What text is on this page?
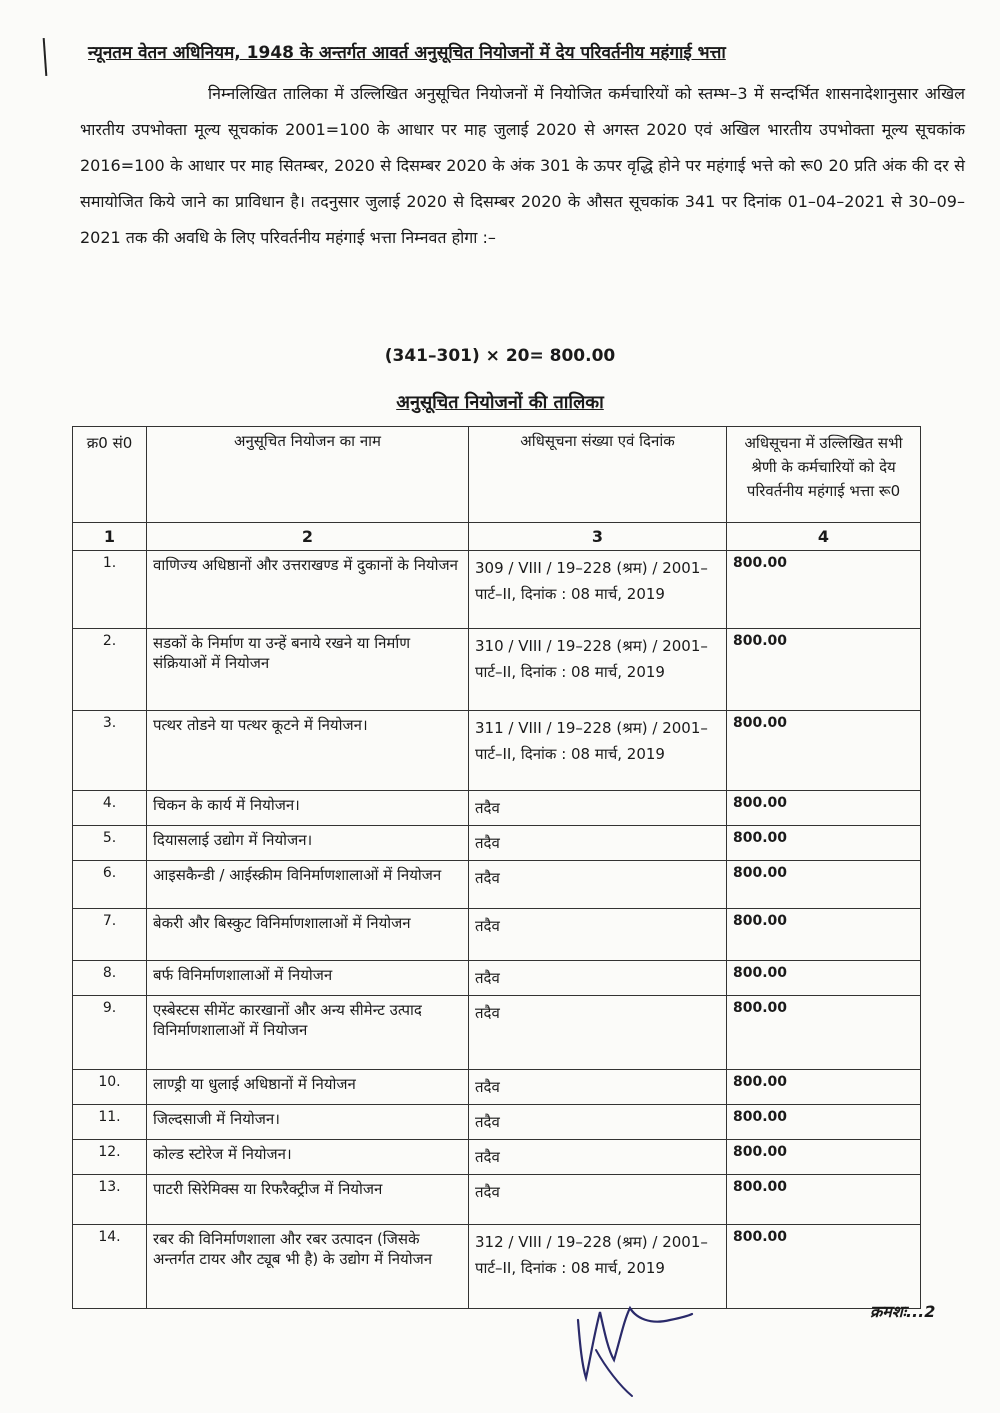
न्यूनतम वेतन अधिनियम, 1948 के अन्तर्गत आवर्त अनुसूचित नियोजनों में देय परिवर्तनीय महंगाई भत्ता

निम्नलिखित तालिका में उल्लिखित अनुसूचित नियोजनों में नियोजित कर्मचारियों को स्तम्भ–3 में सन्दर्भित शासनादेशानुसार अखिल भारतीय उपभोक्ता मूल्य सूचकांक 2001=100 के आधार पर माह जुलाई 2020 से अगस्त 2020 एवं अखिल भारतीय उपभोक्ता मूल्य सूचकांक 2016=100 के आधार पर माह सितम्बर, 2020 से दिसम्बर 2020 के अंक 301 के ऊपर वृद्धि होने पर महंगाई भत्ते को रू0 20 प्रति अंक की दर से समायोजित किये जाने का प्राविधान है। तदनुसार जुलाई 2020 से दिसम्बर 2020 के औसत सूचकांक 341 पर दिनांक 01–04–2021 से 30–09–2021 तक की अवधि के लिए परिवर्तनीय महंगाई भत्ता निम्नवत होगा :–

(341–301) × 20= 800.00
अनुसूचित नियोजनों की तालिका
क्र0 सं0	अनुसूचित नियोजन का नाम	अधिसूचना संख्या एवं दिनांक	अधिसूचना में उल्लिखित सभी श्रेणी के कर्मचारियों को देय परिवर्तनीय महंगाई भत्ता रू0
1	2	3	4
1.	वाणिज्य अधिष्ठानों और उत्तराखण्ड में दुकानों के नियोजन	309 / VIII / 19–228 (श्रम) / 2001– पार्ट–II, दिनांक : 08 मार्च, 2019	800.00
2.	सडकों के निर्माण या उन्हें बनाये रखने या निर्माण संक्रियाओं में नियोजन	310 / VIII / 19–228 (श्रम) / 2001–पार्ट–II, दिनांक : 08 मार्च, 2019	800.00
3.	पत्थर तोडने या पत्थर कूटने में नियोजन।	311 / VIII / 19–228 (श्रम) / 2001–पार्ट–II, दिनांक : 08 मार्च, 2019	800.00
4.	चिकन के कार्य में नियोजन।	तदैव	800.00
5.	दियासलाई उद्योग में नियोजन।	तदैव	800.00
6.	आइसकैन्डी / आईस्क्रीम विनिर्माणशालाओं में नियोजन	तदैव	800.00
7.	बेकरी और बिस्कुट विनिर्माणशालाओं में नियोजन	तदैव	800.00
8.	बर्फ विनिर्माणशालाओं में नियोजन	तदैव	800.00
9.	एस्बेस्टस सीमेंट कारखानों और अन्य सीमेन्ट उत्पाद विनिर्माणशालाओं में नियोजन	तदैव	800.00
10.	लाण्ड्री या धुलाई अधिष्ठानों में नियोजन	तदैव	800.00
11.	जिल्दसाजी में नियोजन।	तदैव	800.00
12.	कोल्ड स्टोरेज में नियोजन।	तदैव	800.00
13.	पाटरी सिरेमिक्स या रिफरैक्ट्रीज में नियोजन	तदैव	800.00
14.	रबर की विनिर्माणशाला और रबर उत्पादन (जिसके अन्तर्गत टायर और ट्यूब भी है) के उद्योग में नियोजन	312 / VIII / 19–228 (श्रम) / 2001–पार्ट–II, दिनांक : 08 मार्च, 2019	800.00
क्रमशः...2
